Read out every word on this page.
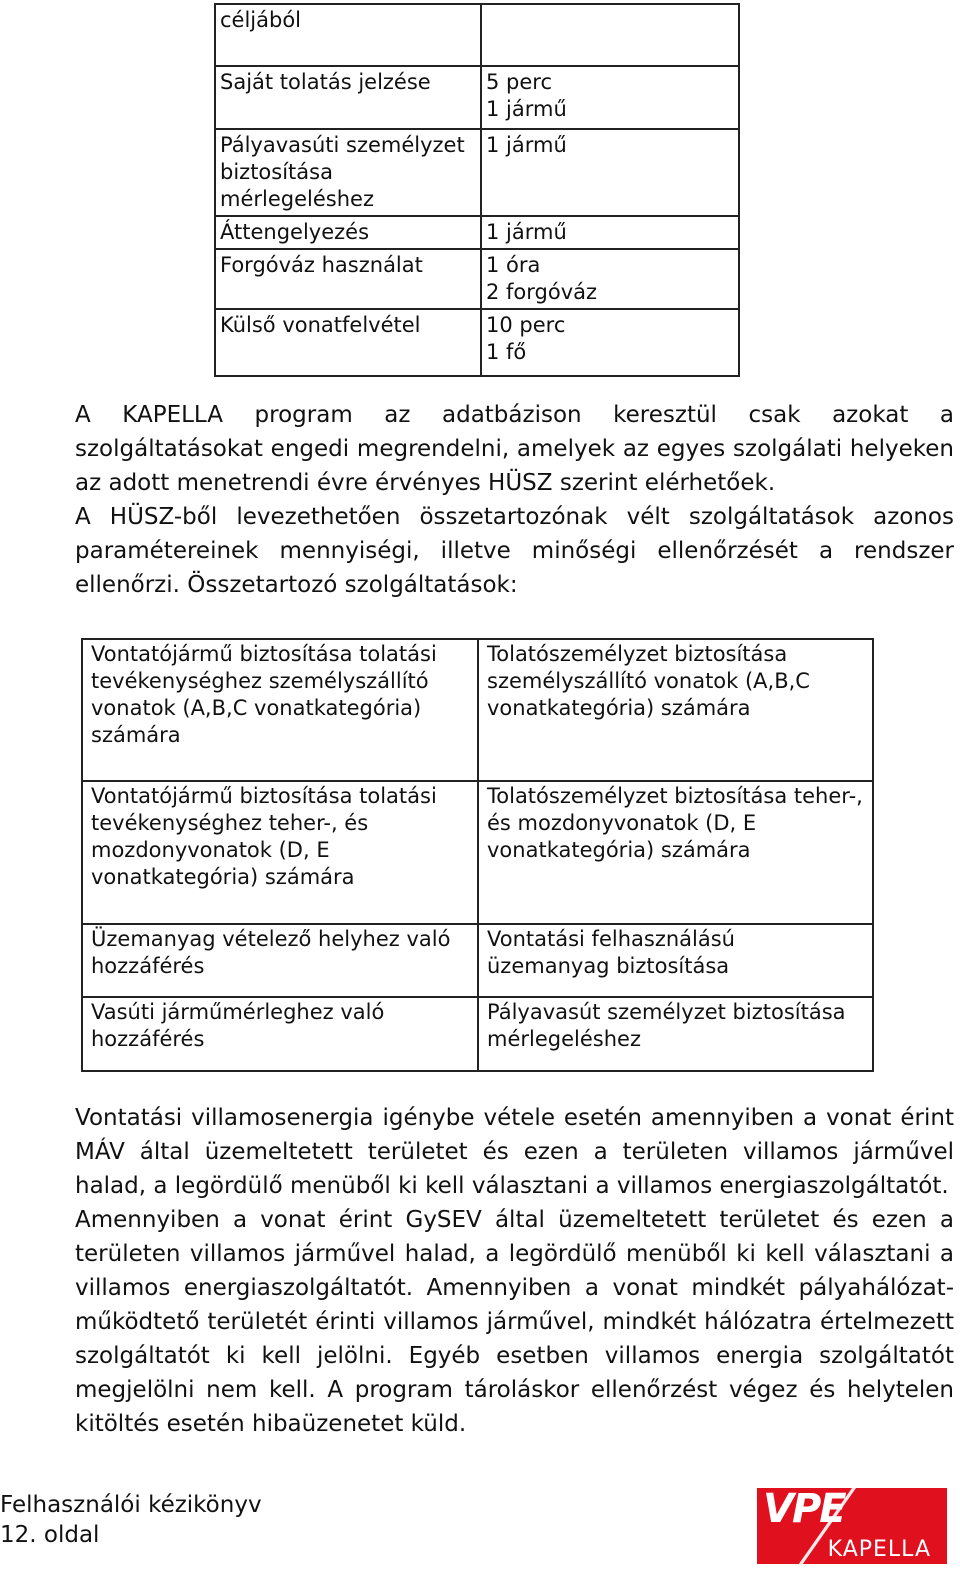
céljából	

Saját tolatás jelzése	5 perc
1 jármű

Pályavasúti személyzet
biztosítása
mérlegeléshez	1 jármű

Áttengelyezés	1 jármű

Forgóváz használat	1 óra
2 forgóváz

Külső vonatfelvétel	10 perc
1 fő

A KAPELLA program az adatbázison keresztül csak azokat a szolgáltatásokat engedi megrendelni, amelyek az egyes szolgálati helyeken az adott menetrendi évre érvényes HÜSZ szerint elérhetőek.

A HÜSZ-ből levezethetően összetartozónak vélt szolgáltatások azonos paramétereinek mennyiségi, illetve minőségi ellenőrzését a rendszer ellenőrzi. Összetartozó szolgáltatások:

Vontatójármű biztosítása tolatási tevékenységhez személyszállító vonatok (A,B,C vonatkategória) számára	Tolatószemélyzet biztosítása személyszállító vonatok (A,B,C vonatkategória) számára
Vontatójármű biztosítása tolatási tevékenységhez teher-, és mozdonyvonatok (D, E vonatkategória) számára	Tolatószemélyzet biztosítása teher-, és mozdonyvonatok (D, E vonatkategória) számára
Üzemanyag vételező helyhez való hozzáférés	Vontatási felhasználású üzemanyag biztosítása
Vasúti járműmérleghez való hozzáférés	Pályavasút személyzet biztosítása mérlegeléshez

Vontatási villamosenergia igénybe vétele esetén amennyiben a vonat érint MÁV által üzemeltetett területet és ezen a területen villamos járművel halad, a legördülő menüből ki kell választani a villamos energiaszolgáltatót.

Amennyiben a vonat érint GySEV által üzemeltetett területet és ezen a területen villamos járművel halad, a legördülő menüből ki kell választani a villamos energiaszolgáltatót. Amennyiben a vonat mindkét pályahálózat-működtető területét érinti villamos járművel, mindkét hálózatra értelmezett szolgáltatót ki kell jelölni. Egyéb esetben villamos energia szolgáltatót megjelölni nem kell. A program tároláskor ellenőrzést végez és helytelen kitöltés esetén hibaüzenetet küld.

Felhasználói kézikönyv
12. oldal
VPE
KAPELLA
